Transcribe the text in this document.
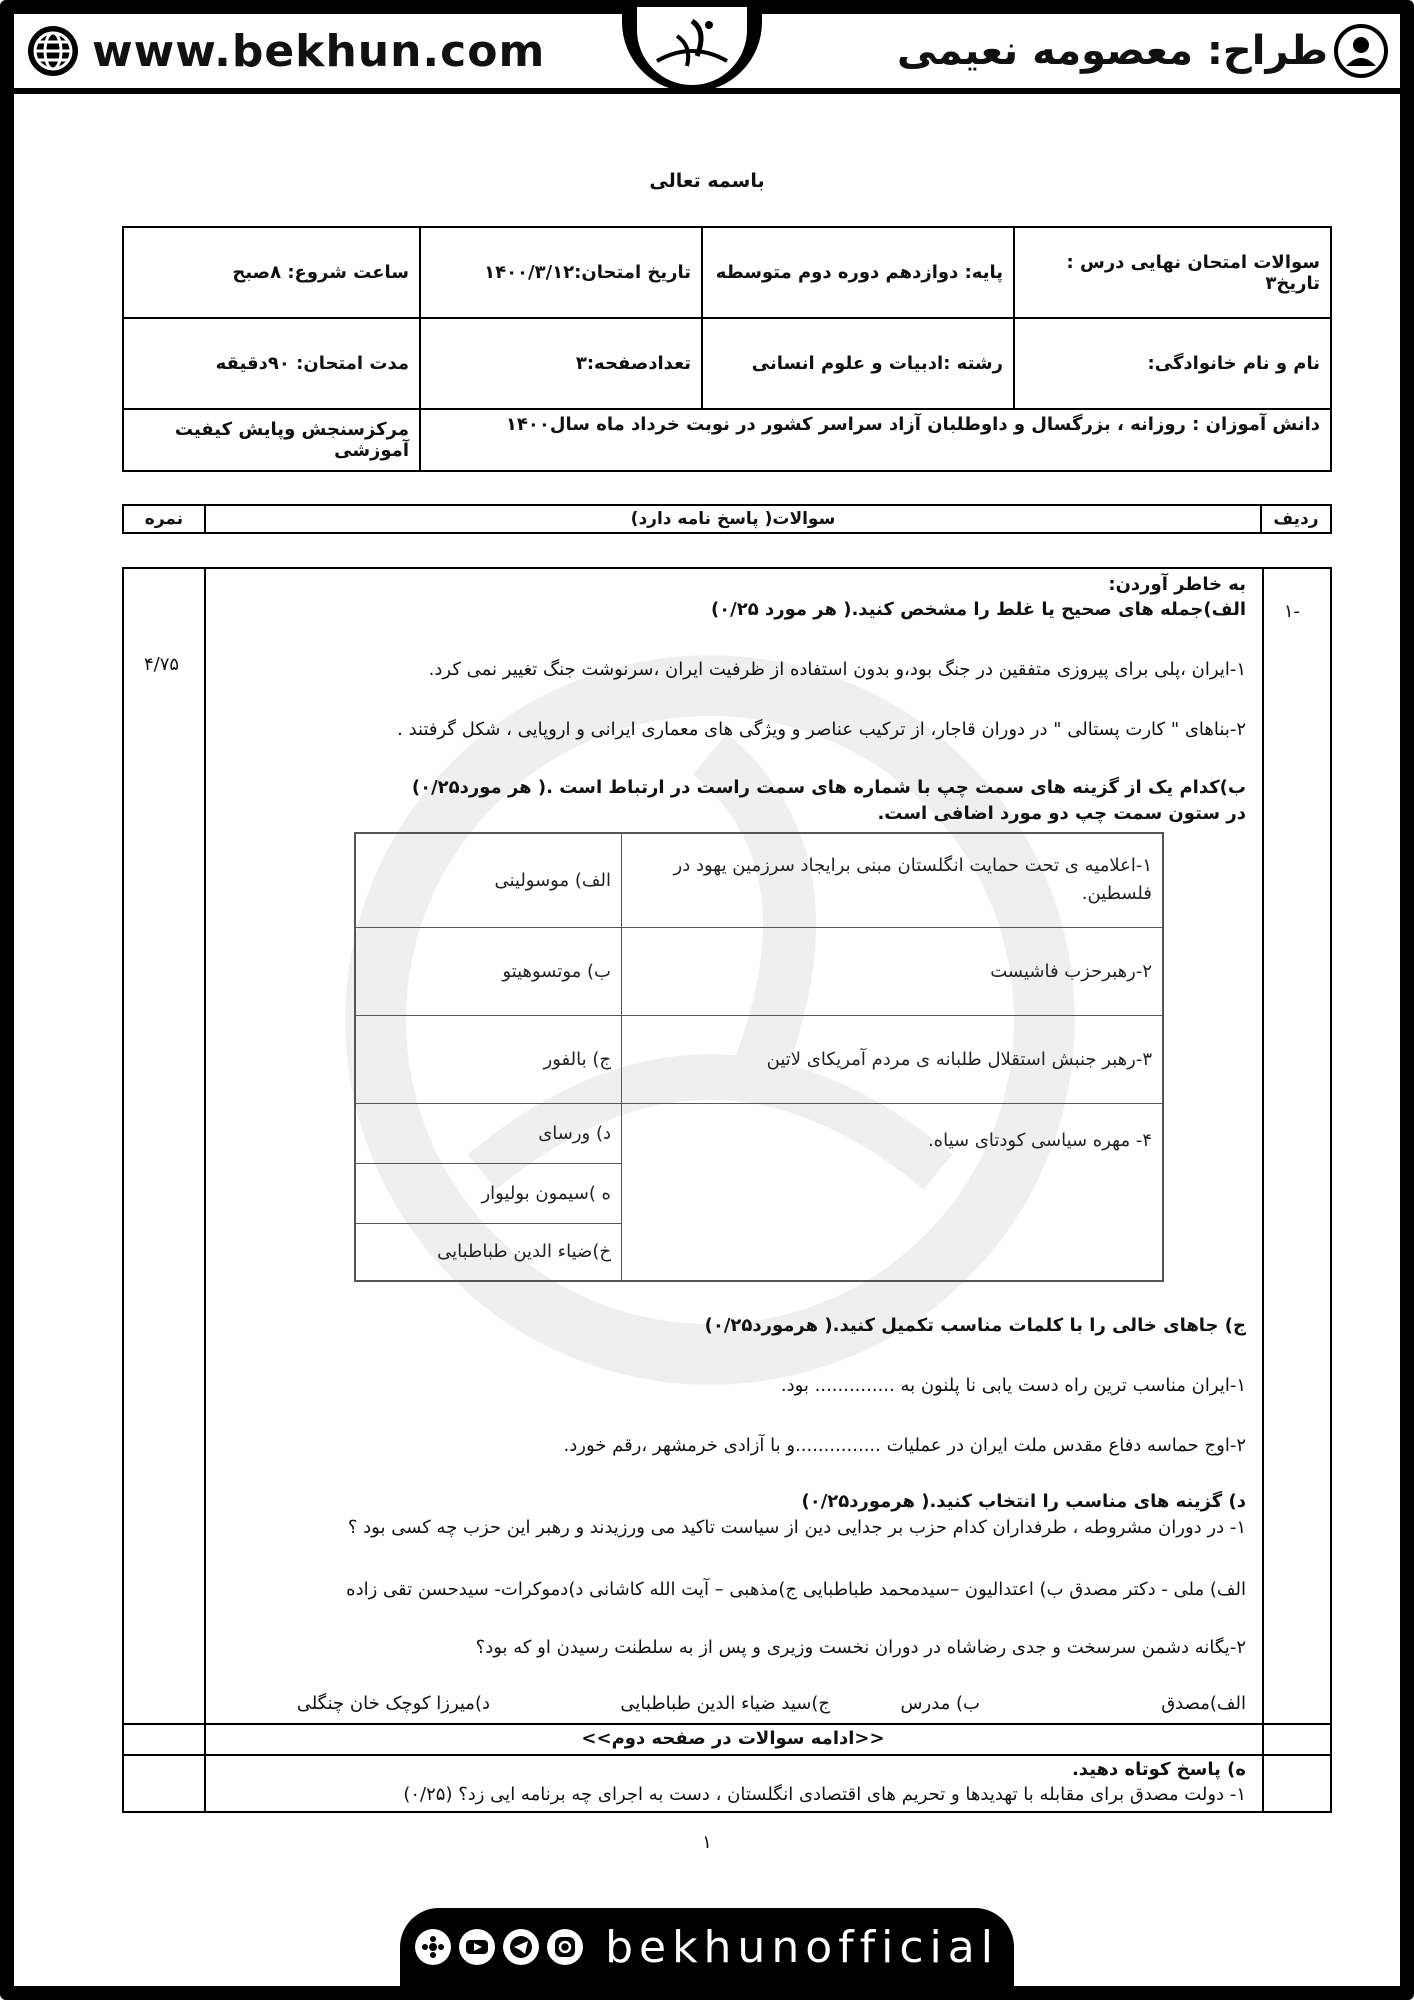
www.bekhun.com	طراح: معصومه نعیمی
باسمه تعالی
سوالات امتحان نهایی درس : تاریخ۳	پایه: دوازدهم دوره دوم متوسطه	تاریخ امتحان:۱۴۰۰/۳/۱۲	ساعت شروع: ۸صبح
نام و نام خانوادگی:	رشته :ادبیات و علوم انسانی	تعدادصفحه:۳	مدت امتحان: ۹۰دقیقه
دانش آموزان : روزانه ، بزرگسال و داوطلبان آزاد سراسر کشور در نوبت خرداد ماه سال۱۴۰۰			مرکزسنجش وپایش کیفیت آموزشی
ردیف	سوالات( پاسخ نامه دارد)	نمره
-۱
۴/۷۵
به خاطر آوردن:
الف)جمله های صحیح یا غلط را مشخص کنید.( هر مورد ۰/۲۵)
۱-ایران ،پلی برای پیروزی متفقین در جنگ بود،و بدون استفاده از ظرفیت ایران ،سرنوشت جنگ تغییر نمی کرد.
۲-بناهای " کارت پستالی " در دوران قاجار، از ترکیب عناصر و ویژگی های معماری ایرانی و اروپایی ، شکل گرفتند .
ب)کدام یک از گزینه های سمت چپ با شماره های سمت راست در ارتباط است .( هر مورد۰/۲۵)
در ستون سمت چپ دو مورد اضافی است.
۱-اعلامیه ی تحت حمایت انگلستان مبنی برایجاد سرزمین یهود در فلسطین.	الف) موسولینی
۲-رهبرحزب فاشیست	ب) موتسوهیتو
۳-رهبر جنبش استقلال طلبانه ی مردم آمریکای لاتین	ج) بالفور
۴- مهره سیاسی کودتای سیاه.	د) ورسای
	ه )سیمون بولیوار
	خ)ضیاء الدین طباطبایی
ج) جاهای خالی را با کلمات مناسب تکمیل کنید.( هرمورد۰/۲۵)
۱-ایران مناسب ترین راه دست یابی نا پلنون به .............. بود.
۲-اوج حماسه دفاع مقدس ملت ایران در عملیات ...............و با آزادی خرمشهر ،رقم خورد.
د) گزینه های مناسب را انتخاب کنید.( هرمورد۰/۲۵)
۱- در دوران مشروطه ، طرفداران کدام حزب بر جدایی دین از سیاست تاکید می ورزیدند و رهبر این حزب چه کسی بود ؟
الف) ملی - دکتر مصدق ب) اعتدالیون –سیدمحمد طباطبایی ج)مذهبی – آیت الله کاشانی د)دموکرات- سیدحسن تقی زاده
۲-یگانه دشمن سرسخت و جدی رضاشاه در دوران نخست وزیری و پس از به سلطنت رسیدن او که بود؟
الف)مصدق
ب) مدرس
ج)سید ضیاء الدین طباطبایی
د)میرزا کوچک خان چنگلی
<<ادامه سوالات در صفحه دوم>>
ه) پاسخ کوتاه دهید.
۱- دولت مصدق برای مقابله با تهدیدها و تحریم های اقتصادی انگلستان ، دست به اجرای چه برنامه ایی زد؟ (۰/۲۵)
۱
bekhunofficial
